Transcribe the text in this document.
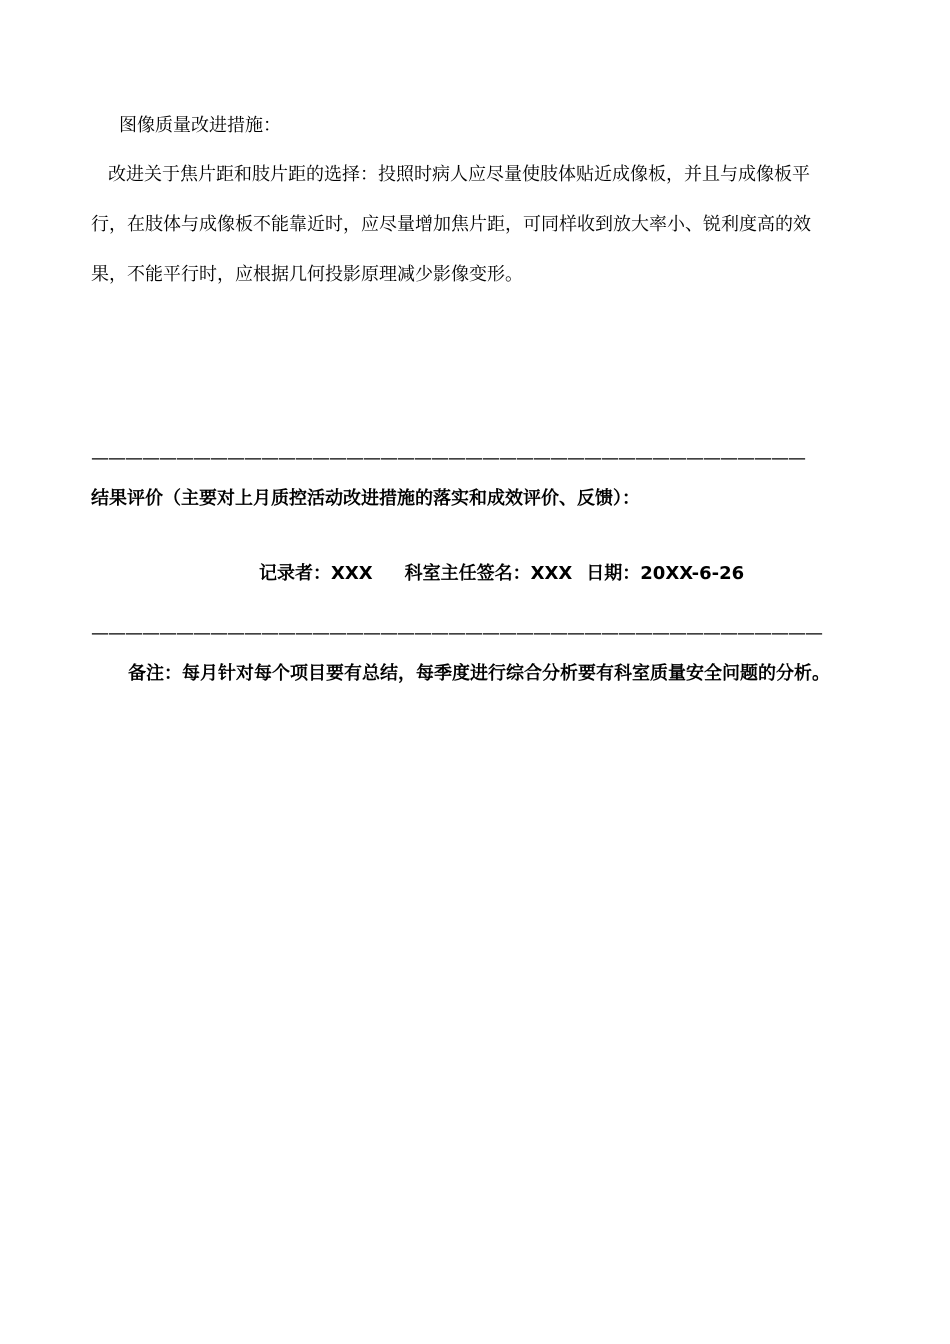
图像质量改进措施：
改进关于焦片距和肢片距的选择：投照时病人应尽量使肢体贴近成像板，并且与成像板平
行，在肢体与成像板不能靠近时，应尽量增加焦片距，可同样收到放大率小、锐利度高的效
果，不能平行时，应根据几何投影原理减少影像变形。
——————————————————————————————————————————
结果评价（主要对上月质控活动改进措施的落实和成效评价、反馈）：
记录者：XXX 科室主任签名：XXX 日期：20XX-6-26
———————————————————————————————————————————
备注：每月针对每个项目要有总结，每季度进行综合分析要有科室质量安全问题的分析。
